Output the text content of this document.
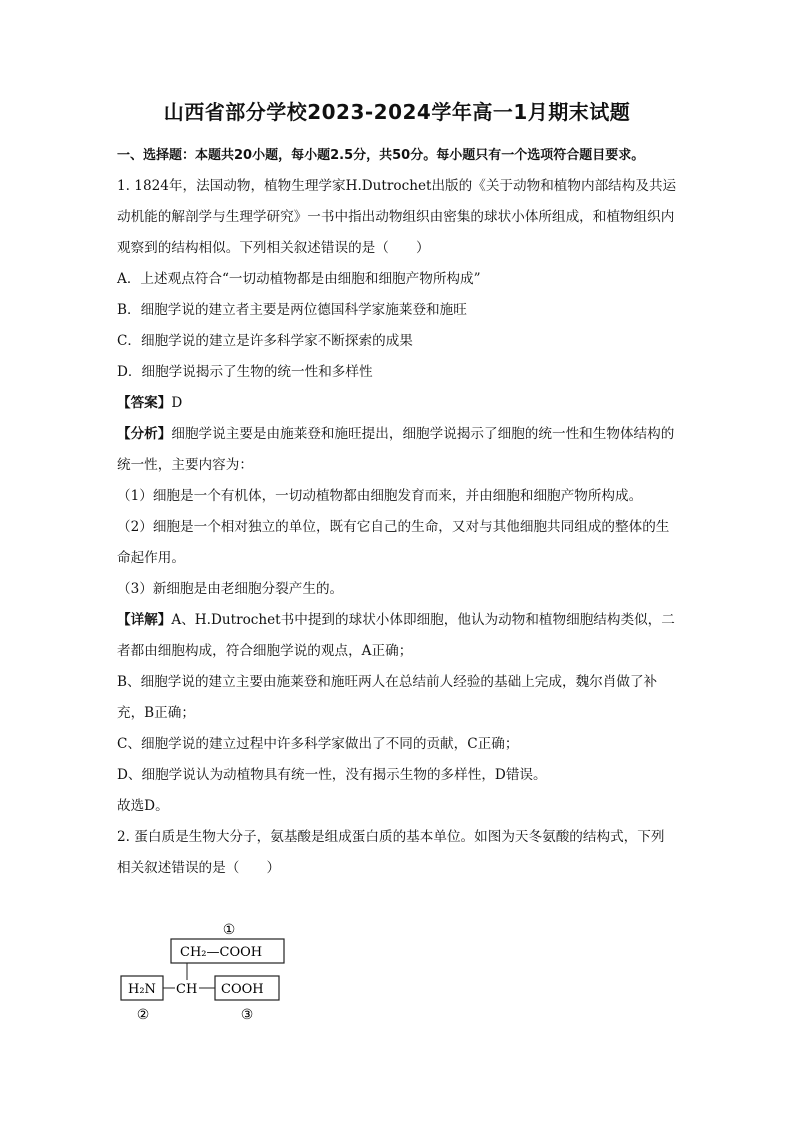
山西省部分学校2023-2024学年高一1月期末试题

一、选择题：本题共20小题，每小题2.5分，共50分。每小题只有一个选项符合题目要求。

1. 1824年，法国动物，植物生理学家H.Dutrochet出版的《关于动物和植物内部结构及共运动机能的解剖学与生理学研究》一书中指出动物组织由密集的球状小体所组成，和植物组织内观察到的结构相似。下列相关叙述错误的是（　　）

A．上述观点符合“一切动植物都是由细胞和细胞产物所构成”

B．细胞学说的建立者主要是两位德国科学家施莱登和施旺

C．细胞学说的建立是许多科学家不断探索的成果

D．细胞学说揭示了生物的统一性和多样性

【答案】D

【分析】细胞学说主要是由施莱登和施旺提出，细胞学说揭示了细胞的统一性和生物体结构的统一性，主要内容为：

（1）细胞是一个有机体，一切动植物都由细胞发育而来，并由细胞和细胞产物所构成。

（2）细胞是一个相对独立的单位，既有它自己的生命，又对与其他细胞共同组成的整体的生命起作用。

（3）新细胞是由老细胞分裂产生的。

【详解】A、H.Dutrochet书中提到的球状小体即细胞，他认为动物和植物细胞结构类似，二者都由细胞构成，符合细胞学说的观点，A正确；

B、细胞学说的建立主要由施莱登和施旺两人在总结前人经验的基础上完成，魏尔肖做了补充，B正确；

C、细胞学说的建立过程中许多科学家做出了不同的贡献，C正确；

D、细胞学说认为动植物具有统一性，没有揭示生物的多样性，D错误。

故选D。

2. 蛋白质是生物大分子，氨基酸是组成蛋白质的基本单位。如图为天冬氨酸的结构式，下列相关叙述错误的是（　　）

①
CH₂—COOH
H₂N CH COOH
②	③
